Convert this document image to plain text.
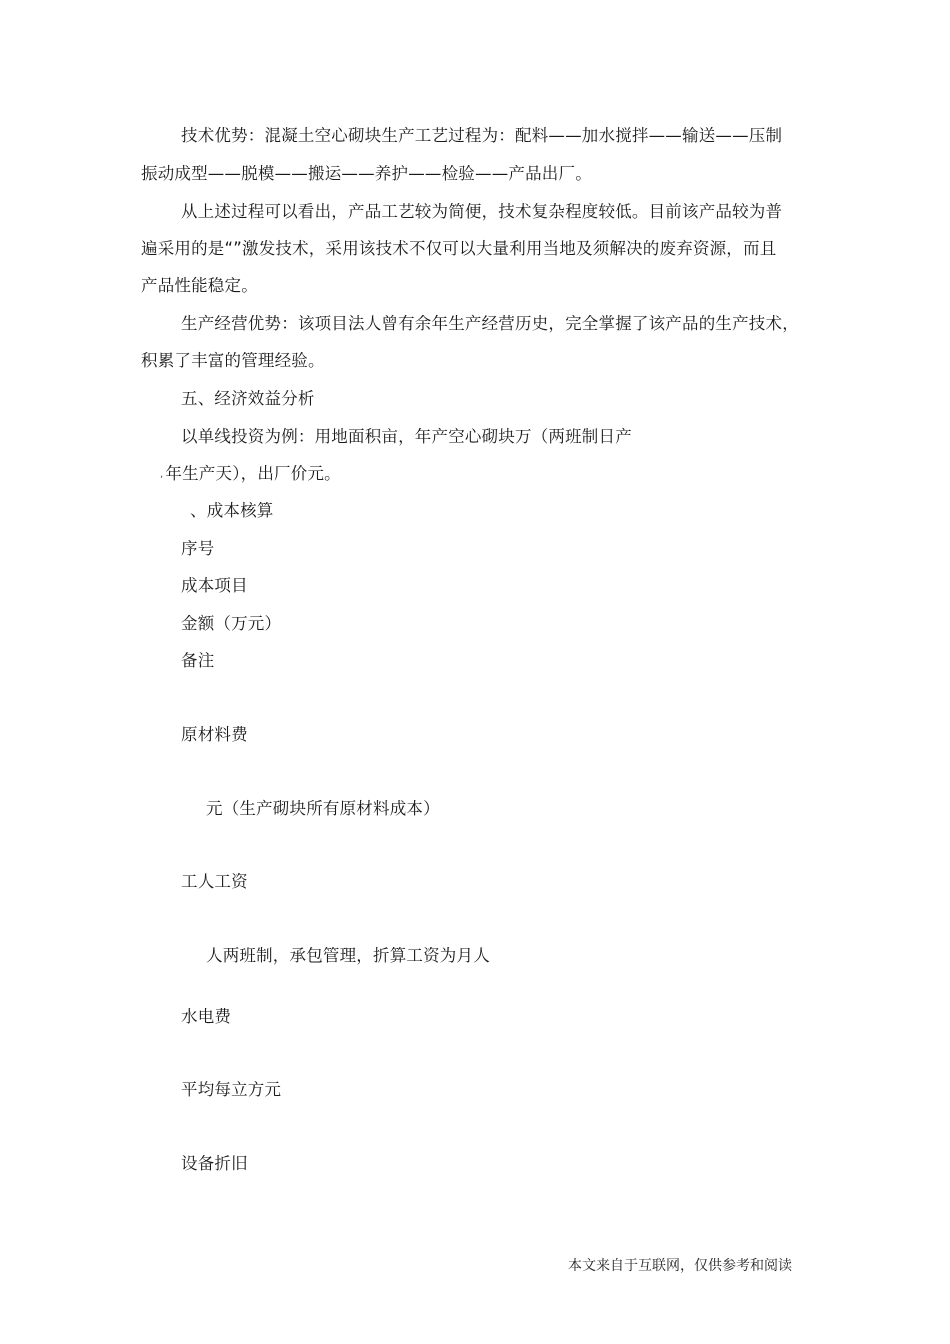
技术优势：混凝土空心砌块生产工艺过程为：配料——加水搅拌——输送——压制
振动成型——脱模——搬运——养护——检验——产品出厂。
从上述过程可以看出，产品工艺较为简便，技术复杂程度较低。目前该产品较为普
遍采用的是“”激发技术，采用该技术不仅可以大量利用当地及须解决的废弃资源，而且
产品性能稳定。
生产经营优势：该项目法人曾有余年生产经营历史，完全掌握了该产品的生产技术，
积累了丰富的管理经验。
五、经济效益分析
以单线投资为例：用地面积亩，年产空心砌块万（两班制日产
, 年生产天），出厂价元。
、成本核算
序号
成本项目
金额（万元）
备注
原材料费
元（生产砌块所有原材料成本）
工人工资
人两班制，承包管理，折算工资为月人
水电费
平均每立方元
设备折旧
本文来自于互联网，仅供参考和阅读
